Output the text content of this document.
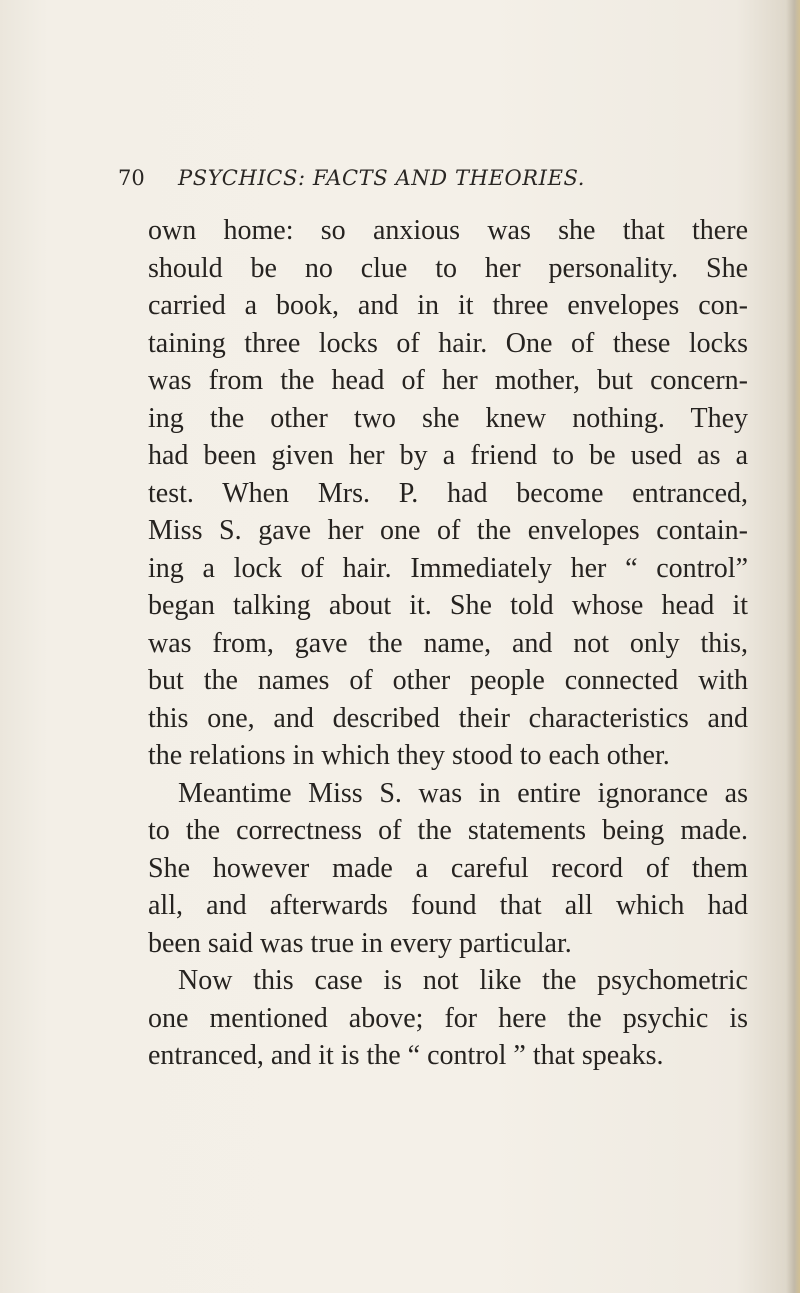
70 PSYCHICS: FACTS AND THEORIES.
own home: so anxious was she that there
should be no clue to her personality. She
carried a book, and in it three envelopes con-
taining three locks of hair. One of these locks
was from the head of her mother, but concern-
ing the other two she knew nothing. They
had been given her by a friend to be used as a
test. When Mrs. P. had become entranced,
Miss S. gave her one of the envelopes contain-
ing a lock of hair. Immediately her “ control”
began talking about it. She told whose head it
was from, gave the name, and not only this,
but the names of other people connected with
this one, and described their characteristics and
the relations in which they stood to each other.
Meantime Miss S. was in entire ignorance as
to the correctness of the statements being made.
She however made a careful record of them
all, and afterwards found that all which had
been said was true in every particular.
Now this case is not like the psychometric
one mentioned above; for here the psychic is
entranced, and it is the “ control ” that speaks.
